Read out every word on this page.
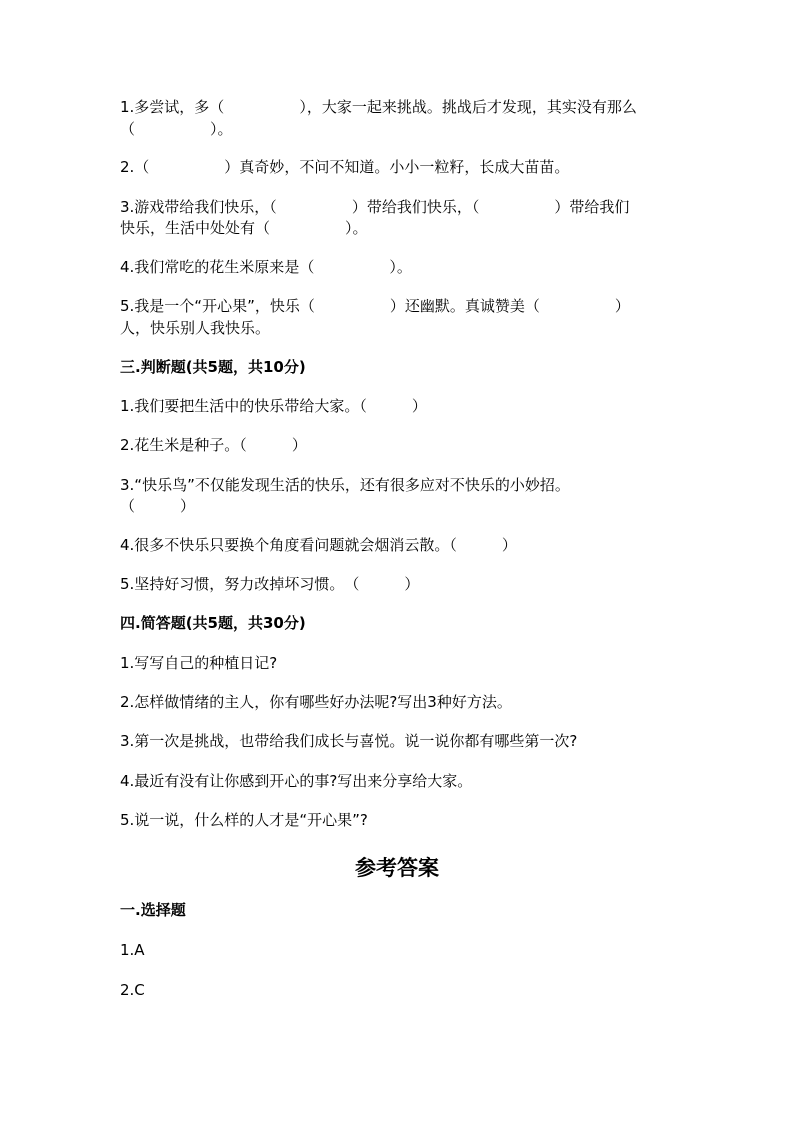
1.多尝试，多（　　　　　），大家一起来挑战。挑战后才发现，其实没有那么
（　　　　　）。
2.（　　　　　）真奇妙，不问不知道。小小一粒籽，长成大苗苗。
3.游戏带给我们快乐，（　　　　　）带给我们快乐，（　　　　　）带给我们
快乐，生活中处处有（　　　　　）。
4.我们常吃的花生米原来是（　　　　　）。
5.我是一个“开心果”，快乐（　　　　　）还幽默。真诚赞美（　　　　　）
人，快乐别人我快乐。
三.判断题(共5题，共10分)
1.我们要把生活中的快乐带给大家。（　　　）
2.花生米是种子。（　　　）
3.“快乐鸟”不仅能发现生活的快乐，还有很多应对不快乐的小妙招。
（　　　）
4.很多不快乐只要换个角度看问题就会烟消云散。（　　　）
5.坚持好习惯，努力改掉坏习惯。　（　　　）
四.简答题(共5题，共30分)
1.写写自己的种植日记?
2.怎样做情绪的主人，你有哪些好办法呢?写出3种好方法。
3.第一次是挑战，也带给我们成长与喜悦。说一说你都有哪些第一次?
4.最近有没有让你感到开心的事?写出来分享给大家。
5.说一说，什么样的人才是“开心果”?
参考答案
一.选择题
1.A
2.C
